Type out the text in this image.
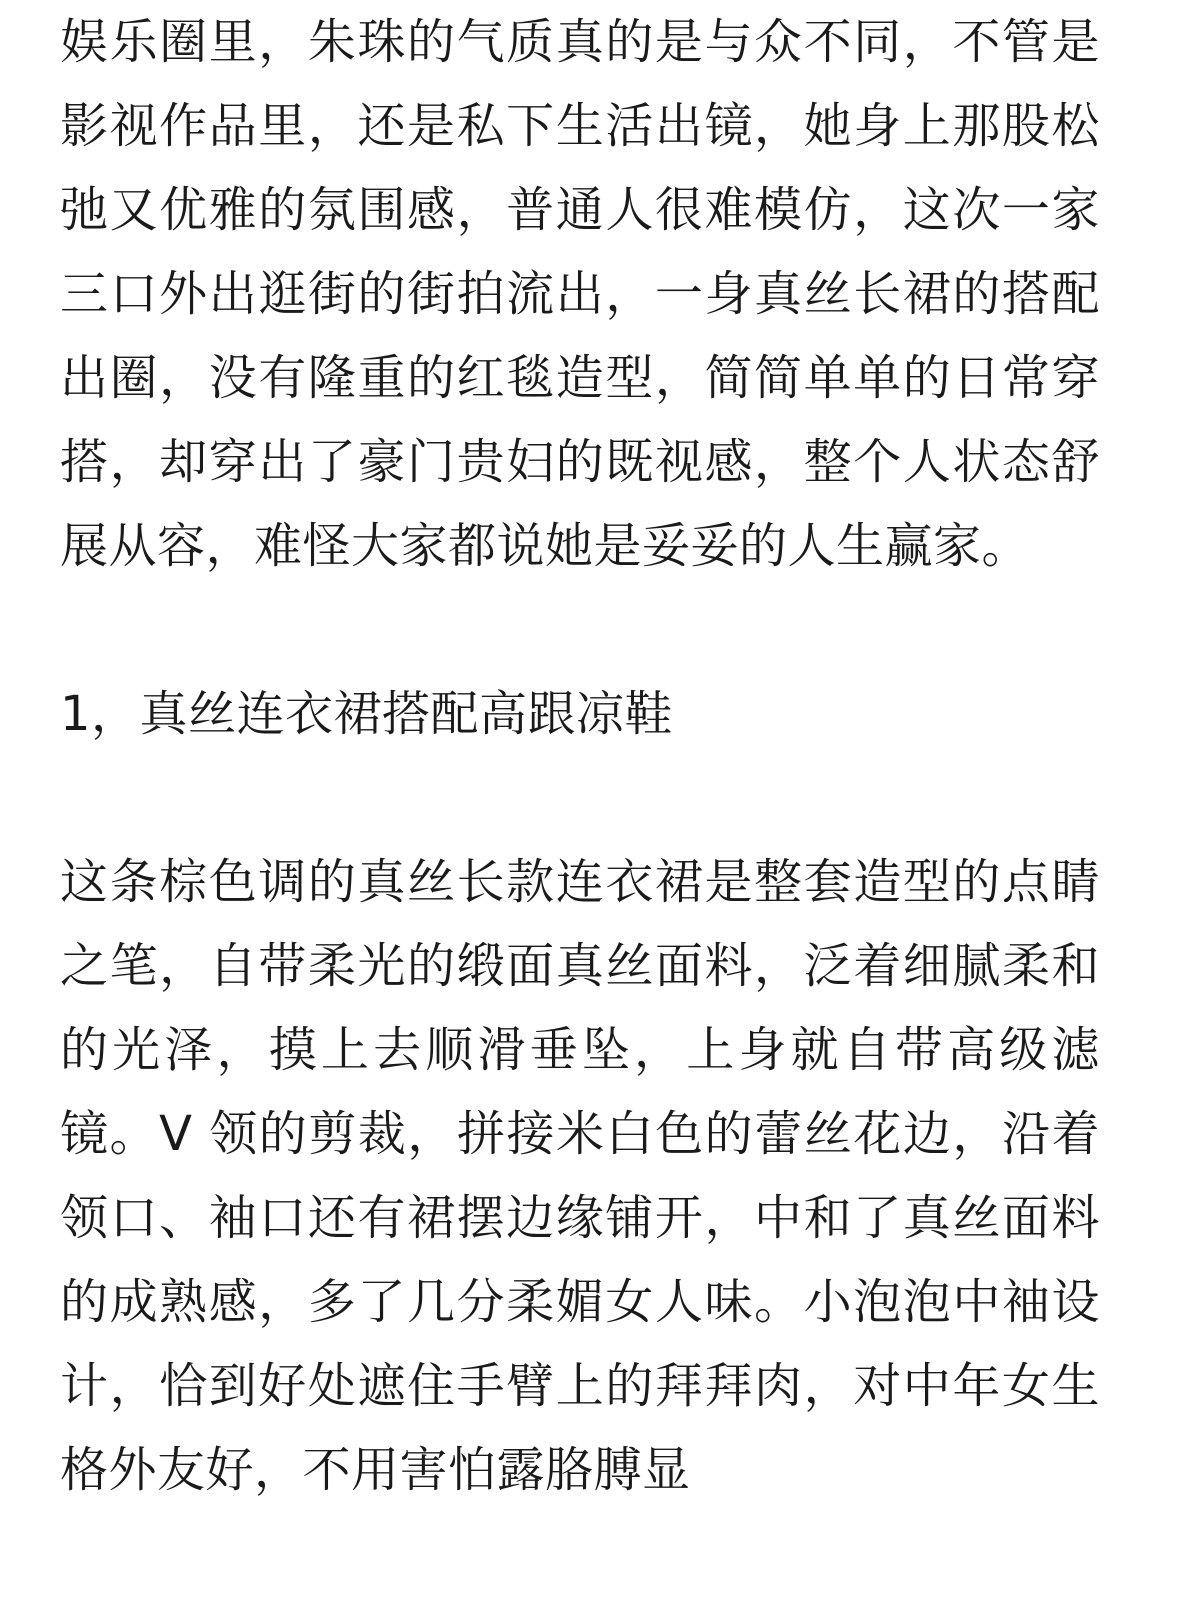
娱乐圈里，朱珠的气质真的是与众不同，不管是影视作品里，还是私下生活出镜，她身上那股松弛又优雅的氛围感，普通人很难模仿，这次一家三口外出逛街的街拍流出，一身真丝长裙的搭配出圈，没有隆重的红毯造型，简简单单的日常穿搭，却穿出了豪门贵妇的既视感，整个人状态舒展从容，难怪大家都说她是妥妥的人生赢家。

1，真丝连衣裙搭配高跟凉鞋

这条棕色调的真丝长款连衣裙是整套造型的点睛之笔，自带柔光的缎面真丝面料，泛着细腻柔和的光泽，摸上去顺滑垂坠，上身就自带高级滤镜。V 领的剪裁，拼接米白色的蕾丝花边，沿着领口、袖口还有裙摆边缘铺开，中和了真丝面料的成熟感，多了几分柔媚女人味。小泡泡中袖设计，恰到好处遮住手臂上的拜拜肉，对中年女生格外友好，不用害怕露胳膊显
